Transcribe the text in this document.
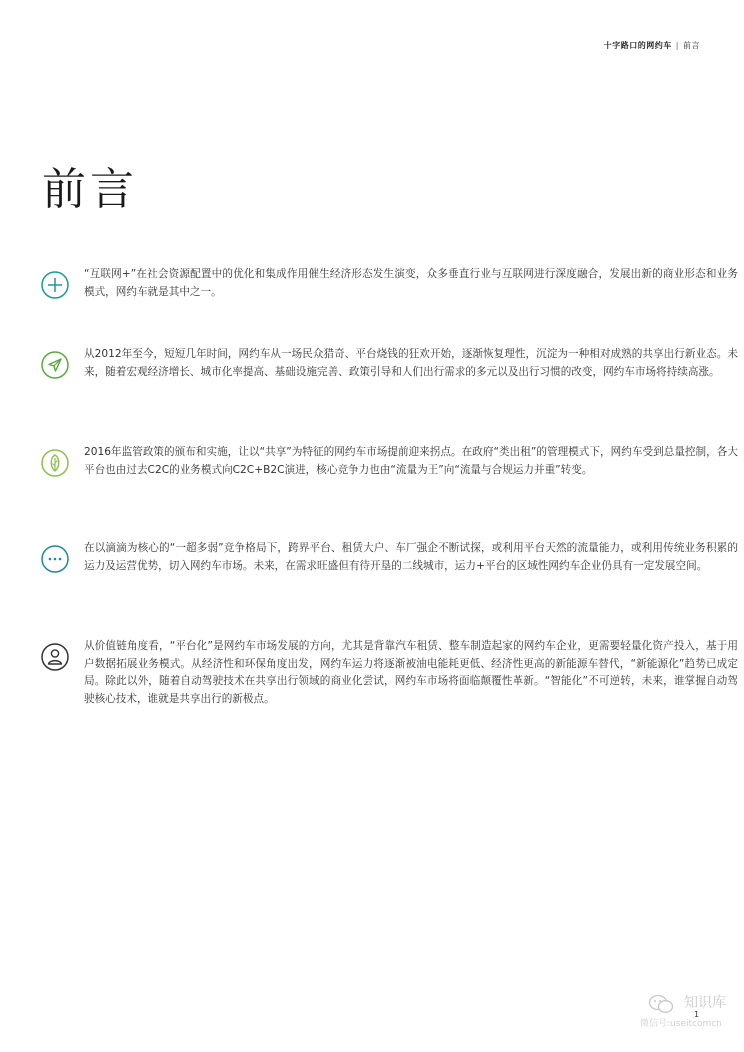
十字路口的网约车 | 前言
前言

“互联网+”在社会资源配置中的优化和集成作用催生经济形态发生演变，众多垂直行业与互联网进行深度融合，发展出新的商业形态和业务模式，网约车就是其中之一。

从2012年至今，短短几年时间，网约车从一场民众猎奇、平台烧钱的狂欢开始，逐渐恢复理性，沉淀为一种相对成熟的共享出行新业态。未来，随着宏观经济增长、城市化率提高、基础设施完善、政策引导和人们出行需求的多元以及出行习惯的改变，网约车市场将持续高涨。

2016年监管政策的颁布和实施，让以“共享”为特征的网约车市场提前迎来拐点。在政府“类出租”的管理模式下，网约车受到总量控制，各大平台也由过去C2C的业务模式向C2C+B2C演进，核心竞争力也由“流量为王”向“流量与合规运力并重”转变。

在以滴滴为核心的“一超多弱”竞争格局下，跨界平台、租赁大户、车厂强企不断试探，或利用平台天然的流量能力，或利用传统业务积累的运力及运营优势，切入网约车市场。未来，在需求旺盛但有待开垦的二线城市，运力+平台的区域性网约车企业仍具有一定发展空间。

从价值链角度看，“平台化”是网约车市场发展的方向，尤其是背靠汽车租赁、整车制造起家的网约车企业，更需要轻量化资产投入，基于用户数据拓展业务模式。从经济性和环保角度出发，网约车运力将逐渐被油电能耗更低、经济性更高的新能源车替代，“新能源化”趋势已成定局。除此以外，随着自动驾驶技术在共享出行领域的商业化尝试，网约车市场将面临颠覆性革新。“智能化”不可逆转，未来，谁掌握自动驾驶核心技术，谁就是共享出行的新极点。

知识库
微信号:useitcomcn
1
